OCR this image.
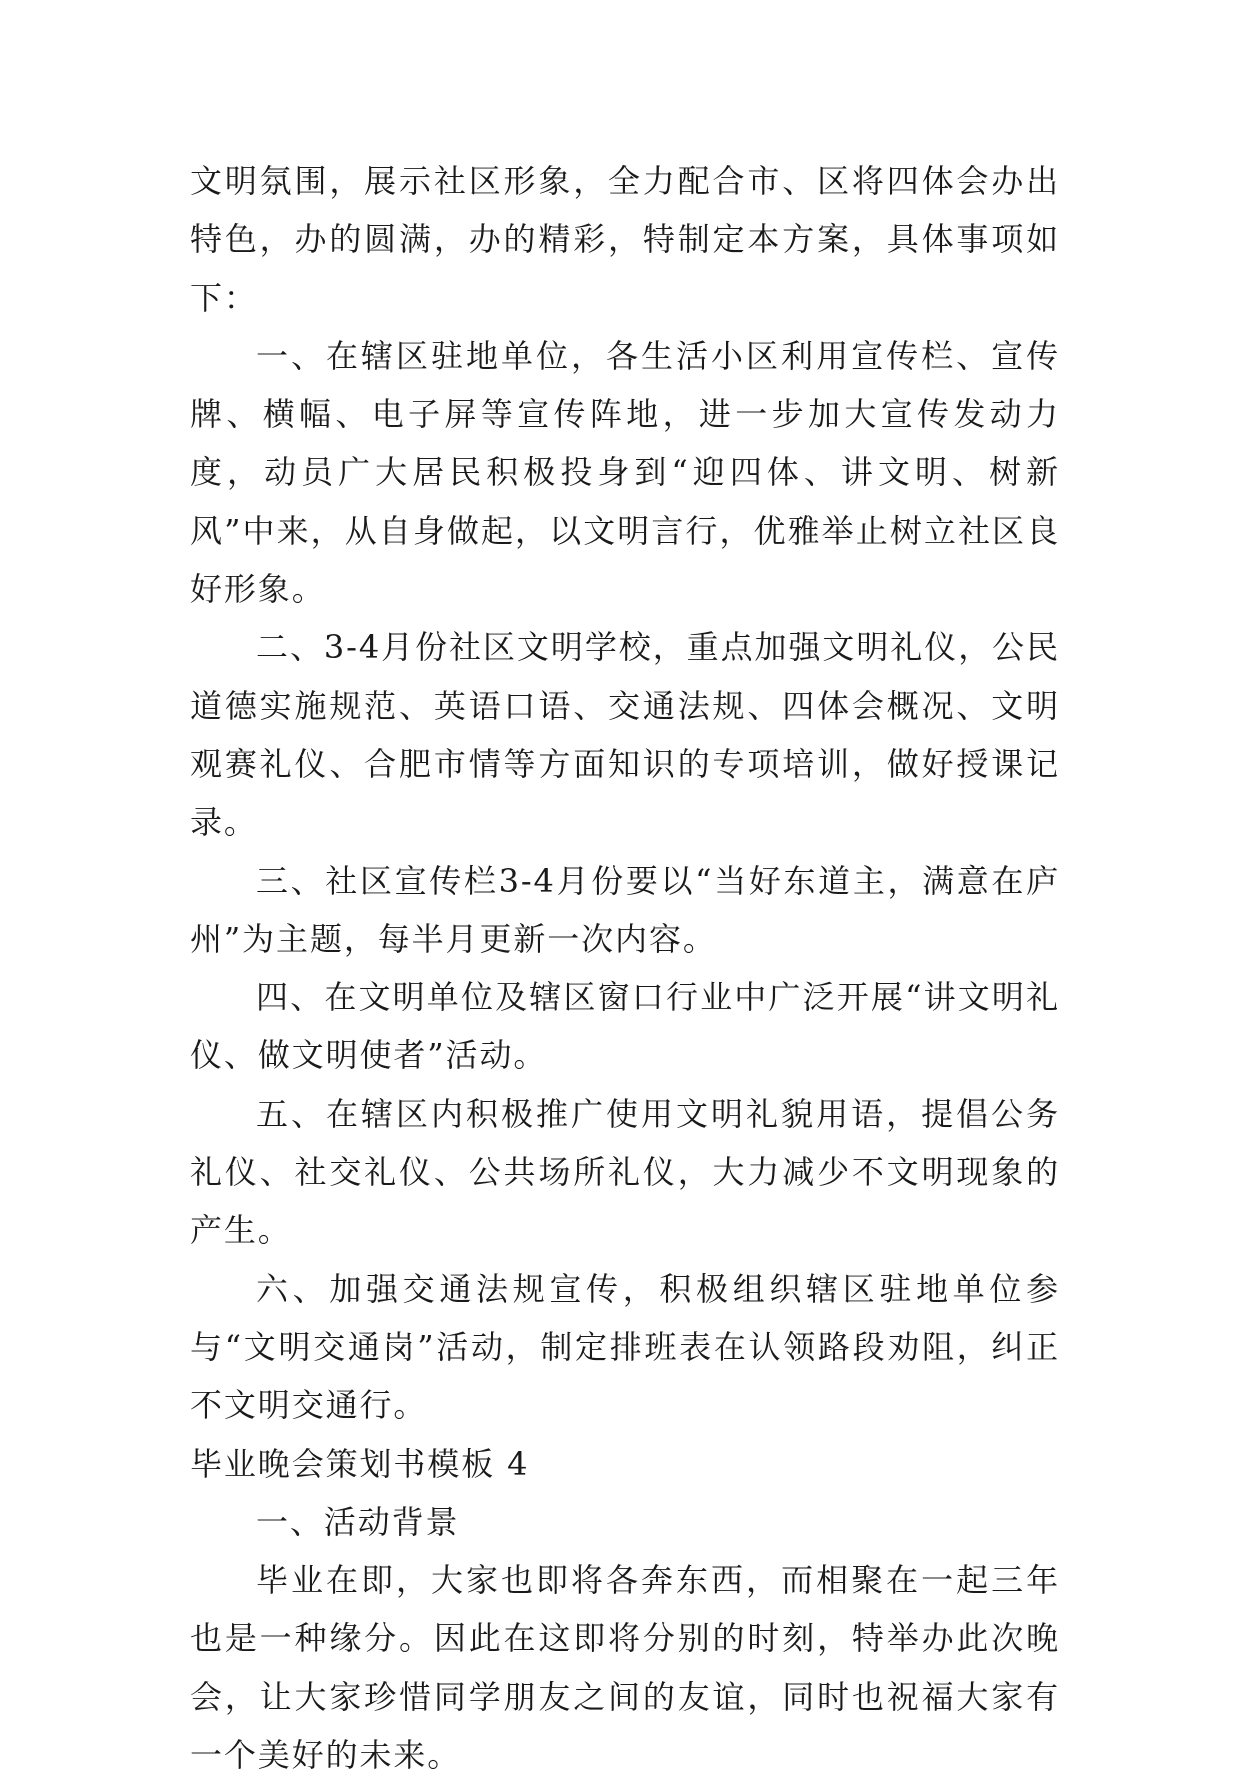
文明氛围，展示社区形象，全力配合市、区将四体会办出特色，办的圆满，办的精彩，特制定本方案，具体事项如下：

一、在辖区驻地单位，各生活小区利用宣传栏、宣传牌、横幅、电子屏等宣传阵地，进一步加大宣传发动力度，动员广大居民积极投身到“迎四体、讲文明、树新风”中来，从自身做起，以文明言行，优雅举止树立社区良好形象。

二、3-4月份社区文明学校，重点加强文明礼仪，公民道德实施规范、英语口语、交通法规、四体会概况、文明观赛礼仪、合肥市情等方面知识的专项培训，做好授课记录。

三、社区宣传栏3-4月份要以“当好东道主，满意在庐州”为主题，每半月更新一次内容。

四、在文明单位及辖区窗口行业中广泛开展“讲文明礼仪、做文明使者”活动。

五、在辖区内积极推广使用文明礼貌用语，提倡公务礼仪、社交礼仪、公共场所礼仪，大力减少不文明现象的产生。

六、加强交通法规宣传，积极组织辖区驻地单位参与“文明交通岗”活动，制定排班表在认领路段劝阻，纠正不文明交通行。

毕业晚会策划书模板 4

一、活动背景

毕业在即，大家也即将各奔东西，而相聚在一起三年也是一种缘分。因此在这即将分别的时刻，特举办此次晚会，让大家珍惜同学朋友之间的友谊，同时也祝福大家有一个美好的未来。
